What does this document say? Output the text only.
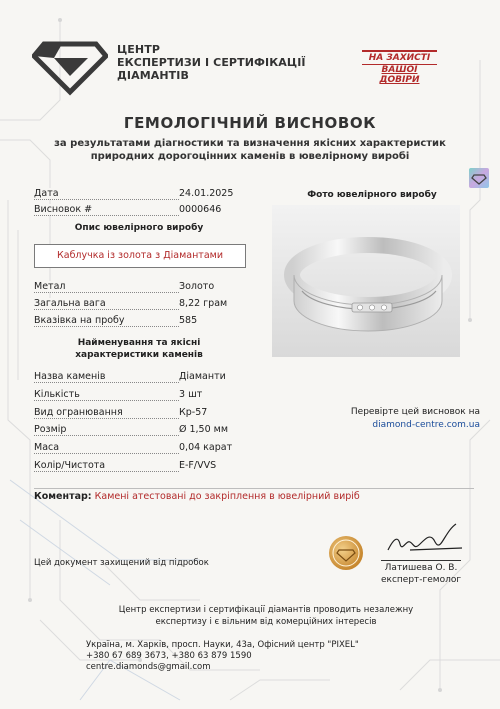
ЦЕНТР
ЕКСПЕРТИЗИ І СЕРТИФІКАЦІЇ
ДІАМАНТІВ
НА ЗАХИСТІ
ВАШОЇ
ДОВІРИ
ГЕМОЛОГІЧНИЙ ВИСНОВОК
за результатами діагностики та визначення якісних характеристик
природних дорогоцінних каменів в ювелірному виробі
Дата	24.01.2025
Висновок #	0000646
Опис ювелірного виробу
Каблучка із золота з Діамантами
Метал	Золото
Загальна вага	8,22 грам
Вказівка на пробу	585
Найменування та якісні
характеристики каменів
Назва каменів	Діаманти
Кількість	3 шт
Вид огранювання	Кр-57
Розмір	Ø 1,50 мм
Маса	0,04 карат
Колір/Чистота	E-F/VVS
Фото ювелірного виробу
Перевірте цей висновок на
diamond-centre.com.ua
Коментар: Камені атестовані до закріплення в ювелірний виріб
Цей документ захищений від підробок	Латишева О. В.
експерт-гемолог
Центр експертизи і сертифікації діамантів проводить незалежну
експертизу і є вільним від комерційних інтересів
Україна, м. Харків, просп. Науки, 43а, Офісний центр "PIXEL"
+380 67 689 3673, +380 63 879 1590
centre.diamonds@gmail.com
